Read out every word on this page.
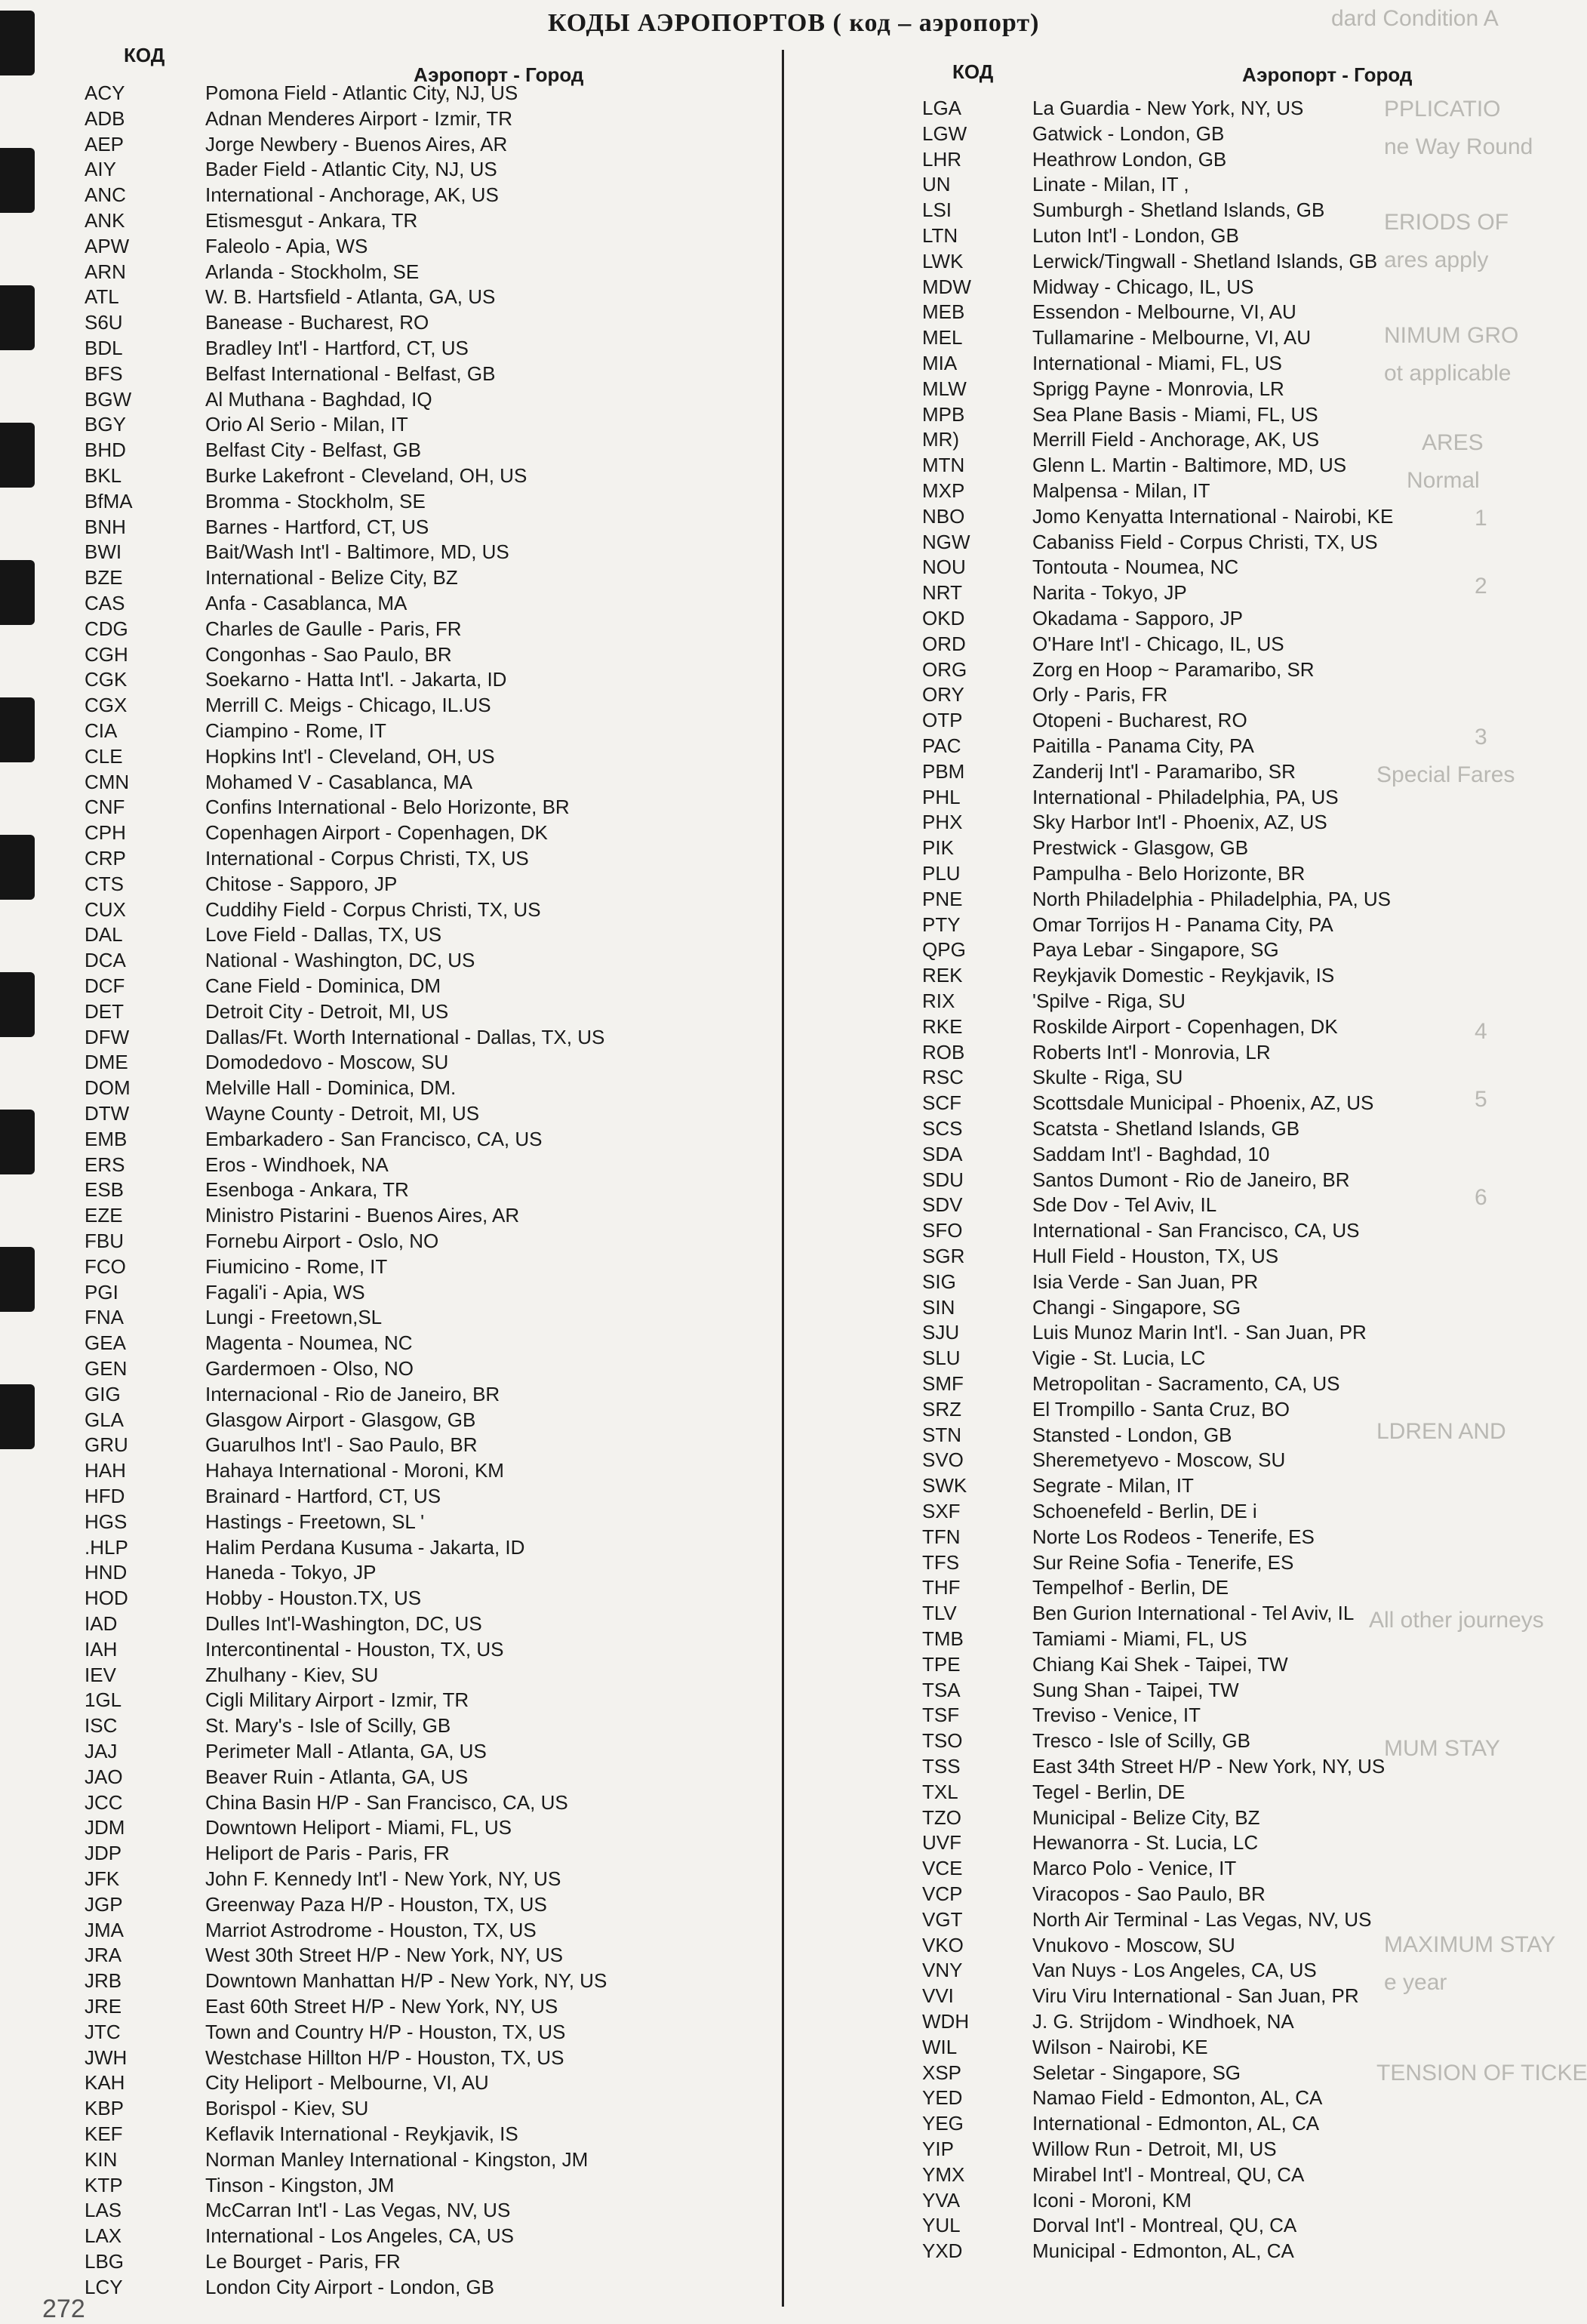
dard Condition A
PPLICATIO
ne Way Round
ERIODS OF
ares apply
NIMUM GRO
ot applicable
ARES
Normal
1
2
3
Special Fares
4
5
6
LDREN AND
All other journeys
MUM STAY
MAXIMUM STAY
e year
TENSION OF TICKE
КОДЫ АЭРОПОРТОВ ( код – аэропорт)
КОД
Аэропорт - Город	КОД	Аэропорт - Город
ACY	Pomona Field - Atlantic City, NJ, US
ADB	Adnan Menderes Airport - Izmir, TR
AEP	Jorge Newbery - Buenos Aires, AR
AIY	Bader Field - Atlantic City, NJ, US
ANC	International - Anchorage, AK, US
ANK	Etismesgut - Ankara, TR
APW	Faleolo - Apia, WS
ARN	Arlanda - Stockholm, SE
ATL	W. B. Hartsfield - Atlanta, GA, US
S6U	Baneasе - Bucharest, RO
BDL	Bradley Int'l - Hartford, CT, US
BFS	Belfast International - Belfast, GB
BGW	Al Muthana - Baghdad, IQ
BGY	Orio Al Serio - Milan, IT
BHD	Belfast City - Belfast, GB
BKL	Burke Lakefront - Cleveland, OH, US
BfMA	Bromma - Stockholm, SE
BNH	Barnes - Hartford, CT, US
BWI	Bait/Wash Int'l - Baltimore, MD, US
BZE	International - Belize City, BZ
CAS	Anfa - Casablanca, MA
CDG	Charles de Gaulle - Paris, FR
CGH	Congonhas - Sao Paulo, BR
CGK	Soekarno - Hatta Int'l. - Jakarta, ID
CGX	Merrill C. Meigs - Chicago, IL.US
CIA	Ciampino - Rome, IT
CLE	Hopkins Int'l - Cleveland, OH, US
CMN	Mohamed V - Casablanca, MA
CNF	Confins International - Belo Horizonte, BR
CPH	Copenhagen Airport - Copenhagen, DK
CRP	International - Corpus Christi, TX, US
CTS	Chitose - Sapporo, JP
CUX	Cuddihy Field - Corpus Christi, TX, US
DAL	Love Field - Dallas, TX, US
DCA	National - Washington, DC, US
DCF	Cane Field - Dominica, DM
DET	Detroit City - Detroit, MI, US
DFW	Dallas/Ft. Worth International - Dallas, TX, US
DME	Domodedovo - Moscow, SU
DOM	Melville Hall - Dominica, DM.
DTW	Wayne County - Detroit, MI, US
EMB	Embarkadero - San Francisco, CA, US
ERS	Eros - Windhoek, NA
ESB	Esenboga - Ankara, TR
EZE	Ministro Pistarini - Buenos Aires, AR
FBU	Fornebu Airport - Oslo, NO
FCO	Fiumicino - Rome, IT
PGI	Fagali'i - Apia, WS
FNA	Lungi - Freetown,SL
GEA	Magenta - Noumea, NC
GEN	Gardermoen - Olso, NO
GIG	Internacional - Rio de Janeiro, BR
GLA	Glasgow Airport - Glasgow, GB
GRU	Guarulhos Int'l - Sao Paulo, BR
HAH	Hahaya International - Moroni, KM
HFD	Brainard - Hartford, CT, US
HGS	Hastings - Freetown, SL '
.HLP	Halim Perdana Kusuma - Jakarta, ID
HND	Haneda - Tokyo, JP
HOD	Hobby - Houston.TX, US
IAD	Dulles Int'l-Washington, DC, US
IAH	Intercontinental - Houston, TX, US
IEV	Zhulhany - Kiev, SU
1GL	Cigli Military Airport - Izmir, TR
ISC	St. Mary's - Isle of Scilly, GB
JAJ	Perimeter Mall - Atlanta, GA, US
JAO	Beaver Ruin - Atlanta, GA, US
JCC	China Basin H/P - San Francisco, CA, US
JDM	Downtown Heliport - Miami, FL, US
JDP	Heliport de Paris - Paris, FR
JFK	John F. Kennedy Int'l - New York, NY, US
JGP	Greenway Paza H/P - Houston, TX, US
JMA	Marriot Astrodrome - Houston, TX, US
JRA	West 30th Street H/P - New York, NY, US
JRB	Downtown Manhattan H/P - New York, NY, US
JRE	East 60th Street H/P - New York, NY, US
JTC	Town and Country H/P - Houston, TX, US
JWH	Westchase Hillton H/P - Houston, TX, US
KAH	City Heliport - Melbourne, VI, AU
KBP	Borispol - Kiev, SU
KEF	Keflavik International - Reykjavik, IS
KIN	Norman Manley International - Kingston, JM
KTP	Tinson - Kingston, JM
LAS	McCarran Int'l - Las Vegas, NV, US
LAX	International - Los Angeles, CA, US
LBG	Le Bourget - Paris, FR
LCY	London City Airport - London, GB
LGA	La Guardia - New York, NY, US
LGW	Gatwick - London, GB
LHR	Heathrow London, GB
UN	Linate - Milan, IT ,
LSI	Sumburgh - Shetland Islands, GB
LTN	Luton Int'l - London, GB
LWK	Lerwick/Tingwall - Shetland Islands, GB
MDW	Midway - Chicago, IL, US
MEB	Essendon - Melbourne, VI, AU
MEL	Tullamarine - Melbourne, VI, AU
MIA	International - Miami, FL, US
MLW	Sprigg Payne - Monrovia, LR
MPB	Sea Plane Basis - Miami, FL, US
MR)	Merrill Field - Anchorage, AK, US
MTN	Glenn L. Martin - Baltimore, MD, US
MXP	Malpensa - Milan, IT
NBO	Jomo Kenyatta International - Nairobi, KE
NGW	Cabaniss Field - Corpus Christi, TX, US
NOU	Tontouta - Noumea, NC
NRT	Narita - Tokyo, JP
OKD	Okadama - Sapporo, JP
ORD	O'Hare Int'l - Chicago, IL, US
ORG	Zorg en Hoop ~ Paramaribo, SR
ORY	Orly - Paris, FR
OTP	Otopeni - Bucharest, RO
PAC	Paitilla - Panama City, PA
PBM	Zanderij Int'l - Paramaribo, SR
PHL	International - Philadelphia, PA, US
PHX	Sky Harbor Int'l - Phoenix, AZ, US
PIK	Prestwick - Glasgow, GB
PLU	Pampulha - Belo Horizonte, BR
PNE	North Philadelphia - Philadelphia, PA, US
PTY	Omar Torrijos H - Panama City, PA
QPG	Paya Lebar - Singapore, SG
REK	Reykjavik Domestic - Reykjavik, IS
RIX	'Spilve - Riga, SU
RKE	Roskilde Airport - Copenhagen, DK
ROB	Roberts Int'l - Monrovia, LR
RSC	Skulte - Riga, SU
SCF	Scottsdale Municipal - Phoenix, AZ, US
SCS	Scatsta - Shetland Islands, GB
SDA	Saddam Int'l - Baghdad, 10
SDU	Santos Dumont - Rio de Janeiro, BR
SDV	Sde Dov - Tel Aviv, IL
SFO	International - San Francisco, CA, US
SGR	Hull Field - Houston, TX, US
SIG	Isia Verde - San Juan, PR
SIN	Changi - Singapore, SG
SJU	Luis Munoz Marin Int'l. - San Juan, PR
SLU	Vigie - St. Lucia, LC
SMF	Metropolitan - Sacramento, CA, US
SRZ	El Trompillo - Santa Cruz, BO
STN	Stansted - London, GB
SVO	Sheremetyevo - Moscow, SU
SWK	Segrate - Milan, IT
SXF	Schoenefeld - Berlin, DE i
TFN	Norte Los Rodeos - Tenerife, ES
TFS	Sur Reine Sofia - Tenerife, ES
THF	Tempelhof - Berlin, DE
TLV	Ben Gurion International - Tel Aviv, IL
TMB	Tamiami - Miami, FL, US
TPE	Chiang Kai Shek - Taipei, TW
TSA	Sung Shan - Taipei, TW
TSF	Treviso - Venice, IT
TSO	Tresco - Isle of Scilly, GB
TSS	East 34th Street H/P - New York, NY, US
TXL	Tegel - Berlin, DE
TZO	Municipal - Belize City, BZ
UVF	Hewanorra - St. Lucia, LC
VCE	Marco Polo - Venice, IT
VCP	Viracopos - Sao Paulo, BR
VGT	North Air Terminal - Las Vegas, NV, US
VKO	Vnukovo - Moscow, SU
VNY	Van Nuys - Los Angeles, CA, US
VVI	Viru Viru International - San Juan, PR
WDH	J. G. Strijdom - Windhoek, NA
WIL	Wilson - Nairobi, KE
XSP	Seletar - Singapore, SG
YED	Namao Field - Edmonton, AL, CA
YEG	International - Edmonton, AL, CA
YIP	Willow Run - Detroit, MI, US
YMX	Mirabel Int'l - Montreal, QU, CA
YVA	Iconi - Moroni, KM
YUL	Dorval Int'l - Montreal, QU, CA
YXD	Municipal - Edmonton, AL, CA
272
